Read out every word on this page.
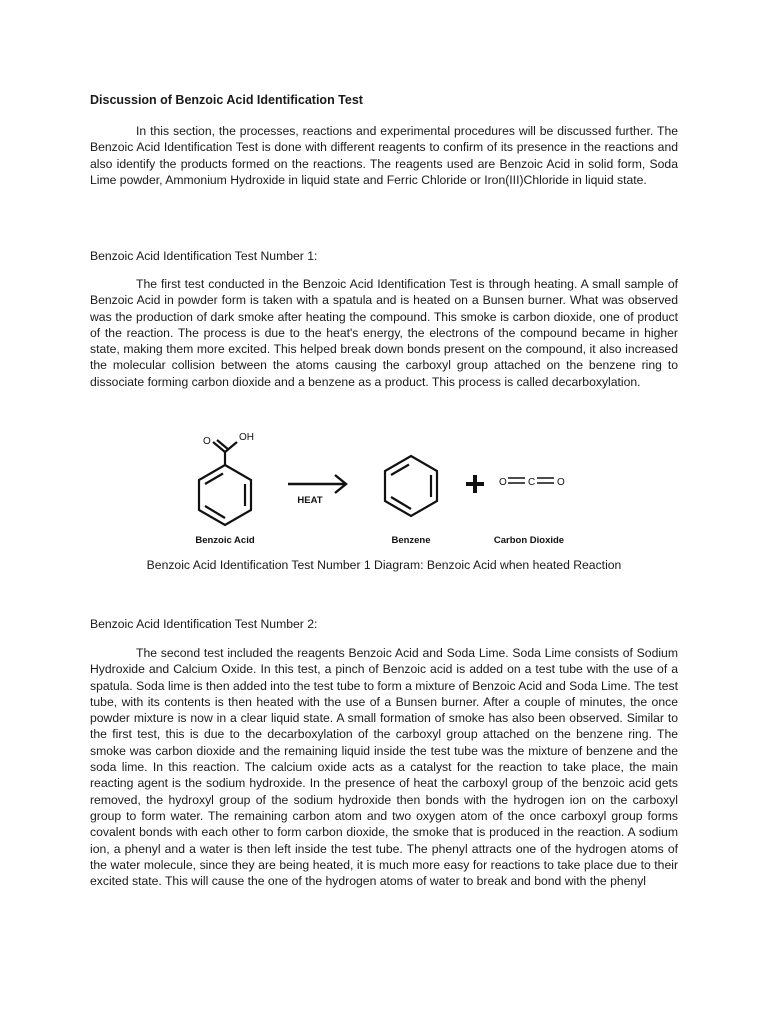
Discussion of Benzoic Acid Identification Test

In this section, the processes, reactions and experimental procedures will be discussed further. The Benzoic Acid Identification Test is done with different reagents to confirm of its presence in the reactions and also identify the products formed on the reactions. The reagents used are Benzoic Acid in solid form, Soda Lime powder, Ammonium Hydroxide in liquid state and Ferric Chloride or Iron(III)Chloride in liquid state.

Benzoic Acid Identification Test Number 1:

The first test conducted in the Benzoic Acid Identification Test is through heating. A small sample of Benzoic Acid in powder form is taken with a spatula and is heated on a Bunsen burner. What was observed was the production of dark smoke after heating the compound. This smoke is carbon dioxide, one of product of the reaction. The process is due to the heat's energy, the electrons of the compound became in higher state, making them more excited. This helped break down bonds present on the compound, it also increased the molecular collision between the atoms causing the carboxyl group attached on the benzene ring to dissociate forming carbon dioxide and a benzene as a product. This process is called decarboxylation.

O	OH
Benzoic Acid
HEAT
Benzene
O C O
Carbon Dioxide
Benzoic Acid Identification Test Number 1 Diagram: Benzoic Acid when heated Reaction
Benzoic Acid Identification Test Number 2:

The second test included the reagents Benzoic Acid and Soda Lime. Soda Lime consists of Sodium Hydroxide and Calcium Oxide. In this test, a pinch of Benzoic acid is added on a test tube with the use of a spatula. Soda lime is then added into the test tube to form a mixture of Benzoic Acid and Soda Lime. The test tube, with its contents is then heated with the use of a Bunsen burner. After a couple of minutes, the once powder mixture is now in a clear liquid state. A small formation of smoke has also been observed. Similar to the first test, this is due to the decarboxylation of the carboxyl group attached on the benzene ring. The smoke was carbon dioxide and the remaining liquid inside the test tube was the mixture of benzene and the soda lime. In this reaction. The calcium oxide acts as a catalyst for the reaction to take place, the main reacting agent is the sodium hydroxide. In the presence of heat the carboxyl group of the benzoic acid gets removed, the hydroxyl group of the sodium hydroxide then bonds with the hydrogen ion on the carboxyl group to form water. The remaining carbon atom and two oxygen atom of the once carboxyl group forms covalent bonds with each other to form carbon dioxide, the smoke that is produced in the reaction. A sodium ion, a phenyl and a water is then left inside the test tube. The phenyl attracts one of the hydrogen atoms of the water molecule, since they are being heated, it is much more easy for reactions to take place due to their excited state. This will cause the one of the hydrogen atoms of water to break and bond with the phenyl
